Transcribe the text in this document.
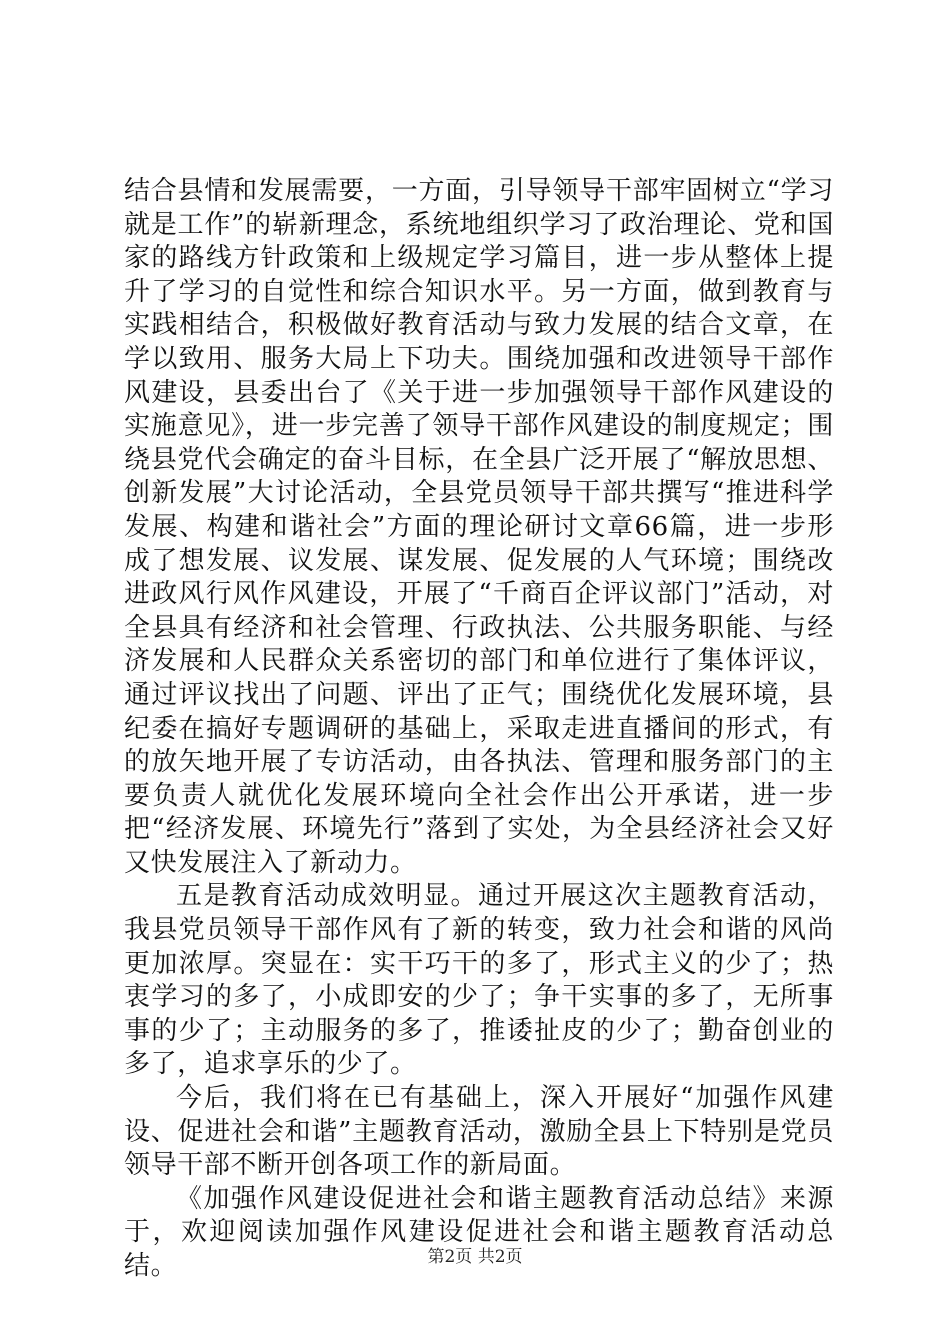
结合县情和发展需要，一方面，引导领导干部牢固树立“学习就是工作”的崭新理念，系统地组织学习了政治理论、党和国家的路线方针政策和上级规定学习篇目，进一步从整体上提升了学习的自觉性和综合知识水平。另一方面，做到教育与实践相结合，积极做好教育活动与致力发展的结合文章，在学以致用、服务大局上下功夫。围绕加强和改进领导干部作风建设，县委出台了《关于进一步加强领导干部作风建设的实施意见》，进一步完善了领导干部作风建设的制度规定；围绕县党代会确定的奋斗目标，在全县广泛开展了“解放思想、创新发展”大讨论活动，全县党员领导干部共撰写“推进科学发展、构建和谐社会”方面的理论研讨文章66篇，进一步形成了想发展、议发展、谋发展、促发展的人气环境；围绕改进政风行风作风建设，开展了“千商百企评议部门”活动，对全县具有经济和社会管理、行政执法、公共服务职能、与经济发展和人民群众关系密切的部门和单位进行了集体评议，通过评议找出了问题、评出了正气；围绕优化发展环境，县纪委在搞好专题调研的基础上，采取走进直播间的形式，有的放矢地开展了专访活动，由各执法、管理和服务部门的主要负责人就优化发展环境向全社会作出公开承诺，进一步把“经济发展、环境先行”落到了实处，为全县经济社会又好又快发展注入了新动力。

五是教育活动成效明显。通过开展这次主题教育活动，我县党员领导干部作风有了新的转变，致力社会和谐的风尚更加浓厚。突显在：实干巧干的多了，形式主义的少了；热衷学习的多了，小成即安的少了；争干实事的多了，无所事事的少了；主动服务的多了，推诿扯皮的少了；勤奋创业的多了，追求享乐的少了。

今后，我们将在已有基础上，深入开展好“加强作风建设、促进社会和谐”主题教育活动，激励全县上下特别是党员领导干部不断开创各项工作的新局面。

《加强作风建设促进社会和谐主题教育活动总结》来源于，欢迎阅读加强作风建设促进社会和谐主题教育活动总结。	第2页 共2页
